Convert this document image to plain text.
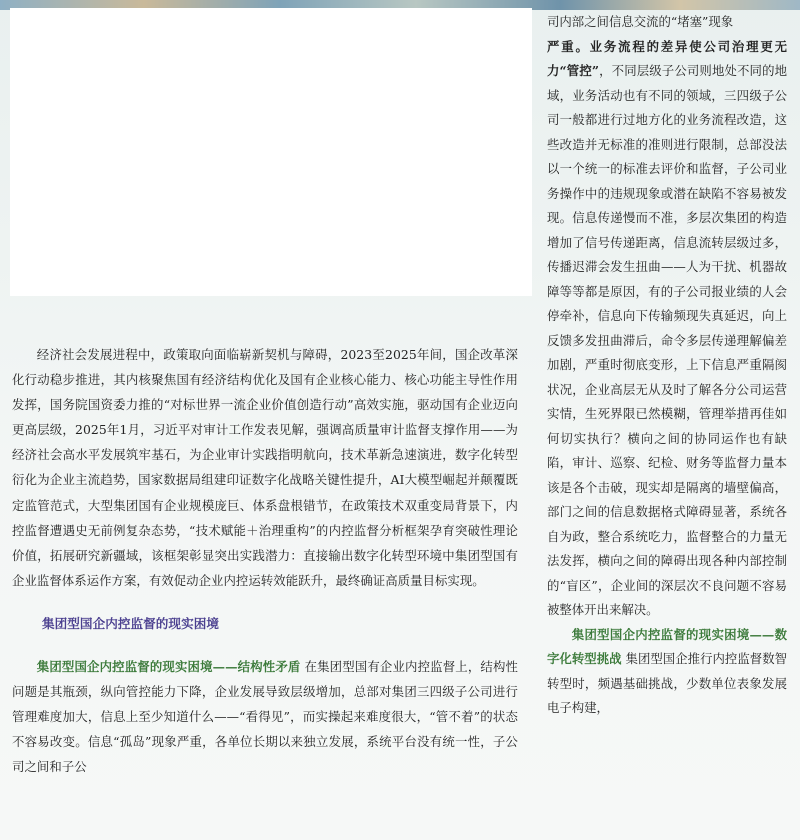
经济社会发展进程中，政策取向面临崭新契机与障碍，2023至2025年间，国企改革深化行动稳步推进，其内核聚焦国有经济结构优化及国有企业核心能力、核心功能主导性作用发挥，国务院国资委力推的“对标世界一流企业价值创造行动”高效实施，驱动国有企业迈向更高层级，2025年1月，习近平对审计工作发表见解，强调高质量审计监督支撑作用——为经济社会高水平发展筑牢基石，为企业审计实践指明航向，技术革新急速演进，数字化转型衍化为企业主流趋势，国家数据局组建印证数字化战略关键性提升，AI大模型崛起并颠覆既定监管范式，大型集团国有企业规模庞巨、体系盘根错节，在政策技术双重变局背景下，内控监督遭遇史无前例复杂态势，“技术赋能＋治理重构”的内控监督分析框架孕育突破性理论价值，拓展研究新疆域，该框架彰显突出实践潜力：直接输出数字化转型环境中集团型国有企业监督体系运作方案，有效促动企业内控运转效能跃升，最终确证高质量目标实现。

集团型国企内控监督的现实困境

集团型国企内控监督的现实困境——结构性矛盾 在集团型国有企业内控监督上，结构性问题是其瓶颈，纵向管控能力下降，企业发展导致层级增加，总部对集团三四级子公司进行管理难度加大，信息上至少知道什么——“看得见”，而实操起来难度很大，“管不着”的状态不容易改变。信息“孤岛”现象严重，各单位长期以来独立发展，系统平台没有统一性，子公司之间和子公

司内部之间信息交流的“堵塞”现象
严重。业务流程的差异使公司治理更无力“管控”，不同层级子公司则地处不同的地域，业务活动也有不同的领域，三四级子公司一般都进行过地方化的业务流程改造，这些改造并无标准的准则进行限制，总部没法以一个统一的标准去评价和监督，子公司业务操作中的违规现象或潜在缺陷不容易被发现。信息传递慢而不准，多层次集团的构造增加了信号传递距离，信息流转层级过多，传播迟滞会发生扭曲——人为干扰、机器故障等等都是原因，有的子公司报业绩的人会停牵补，信息向下传输频现失真延迟，向上反馈多发扭曲滞后，命令多层传递理解偏差加剧，严重时彻底变形，上下信息严重隔阂状况，企业高层无从及时了解各分公司运营实情，生死界限已然模糊，管理举措再佳如何切实执行？横向之间的协同运作也有缺陷，审计、巡察、纪检、财务等监督力量本该是各个击破，现实却是隔离的墙壁偏高，部门之间的信息数据格式障碍显著，系统各自为政，整合系统吃力，监督整合的力量无法发挥，横向之间的障碍出现各种内部控制的“盲区”，企业间的深层次不良问题不容易被整体开出来解决。

集团型国企内控监督的现实困境——数字化转型挑战 集团型国企推行内控监督数智转型时，频遇基础挑战，少数单位表象发展电子构建，
